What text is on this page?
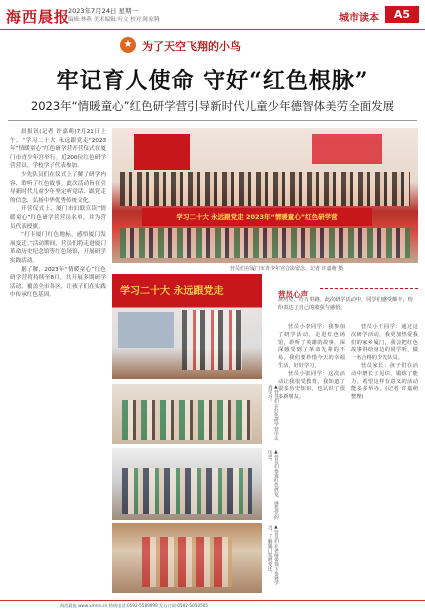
海西晨报
2023年7月24日 星期一
编辑:林燕 美术编辑:叶文 校对:陈家腾	城市读本	A5
★ 为了天空飞翔的小鸟
牢记育人使命 守好“红色根脉”
2023年“情暖童心”红色研学营引导新时代儿童少年德智体美劳全面发展

晨报讯(记者 许嘉萌)7月21日上午，“学习二十大 永远跟党走”2023年“情暖童心”红色研学营开营仪式在厦门市青少年宫举行。近200位红色研学营营员、学校学子代表参加。

少先队员们在仪式上了解了研学内容，聆听了红色故事。此次活动旨在引导新时代儿童少年坚定听党话、跟党走的信念，弘扬中华优秀传统文化。

开营仪式上，厦门市妇联宣读“情暖童心”红色研学营营员名单，并为营员代表授旗。

“打卡厦门红色地标，感悟厦门发展变迁。”活动期间，营员们将走进厦门革命历史纪念馆等红色场馆，开展研学实践活动。

据了解，2023年“情暖童心”红色研学营将持续至8月，共开展多期研学活动，覆盖全市各区，让孩子们在实践中传承红色基因。

学习二十大 永远跟党走 2023年“情暖童心”红色研学营
营员们在厦门市青少年宫合影留念。记者 许嘉萌 摄
学习二十大 永远跟党走
▲营员们在红色研学营中认真学习。
▲营员们参观红色展览，感悟党的历史。
▲营员们在老师带领下参观学习，了解厦门发展变迁。
营员心声
读历史、行万里路。此次研学活动中，同学们感受颇丰，纷纷表达了自己的收获与感悟。

营员小李同学：我参加了研学活动，走进红色场馆，聆听了英雄的故事，深深感受到了革命先辈的不易。我们要珍惜今天的幸福生活，好好学习。

营员小张同学：这次活动让我很受教育。我知道了很多历史知识，也认识了很多新朋友。

营员小王同学：通过这次研学活动，我更加热爱我们的家乡厦门，我会把红色故事讲给身边的同学听，做一名合格的少先队员。

营员家长：孩子们在活动中增长了见识、锻炼了能力，希望这样有意义的活动能多多举办。(记者 许嘉萌 整理)

海西晨报 www.xmnn.cn 热线电话:0592-5589999 发行订阅:0592-5050505
